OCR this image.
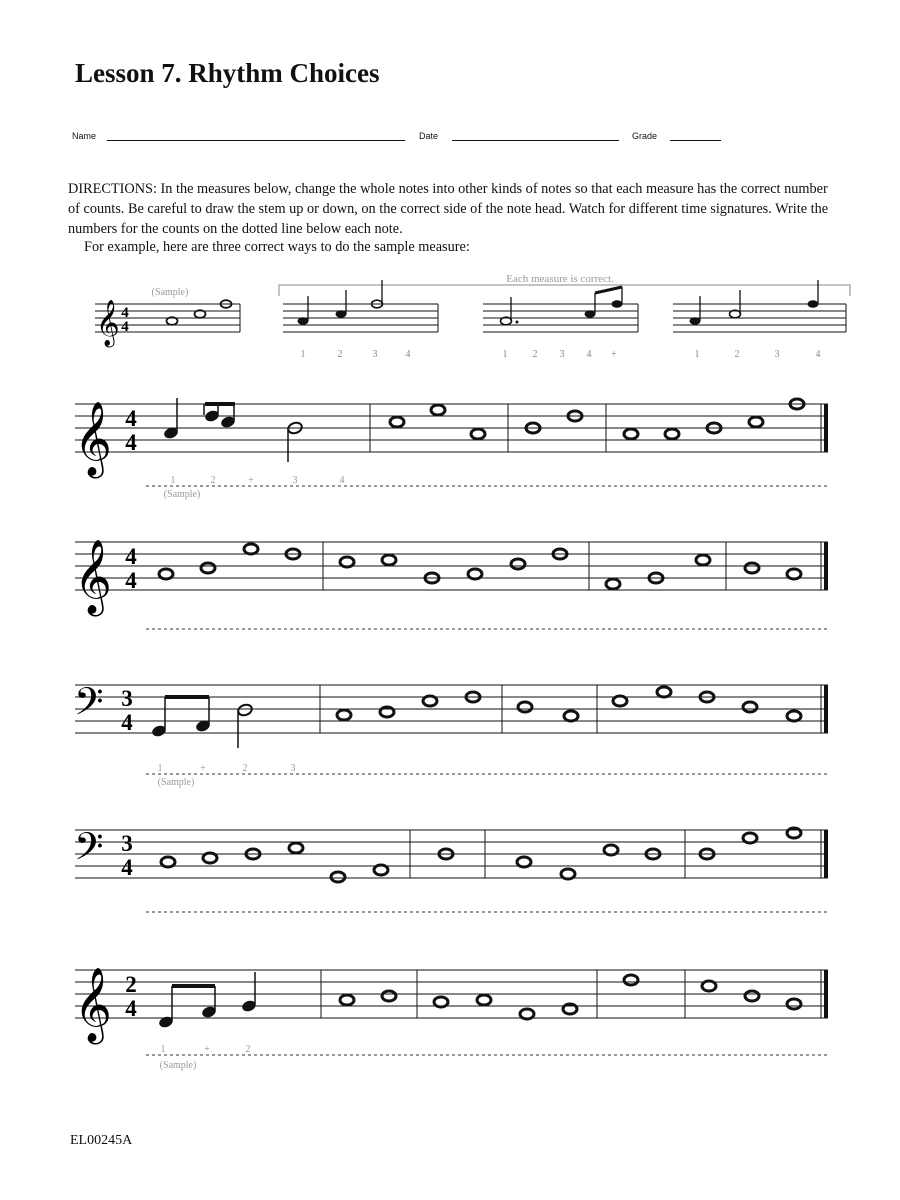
Lesson 7. Rhythm Choices
Name	Date	Grade

DIRECTIONS: In the measures below, change the whole notes into other kinds of notes so that each measure has the correct number of counts. Be careful to draw the stem up or down, on the correct side of the note head. Watch for different time signatures. Write the numbers for the counts on the dotted line below each note.

For example, here are three correct ways to do the sample measure:
𝄞 4
4
(Sample)
Each measure is correct.
1	2	3	4	1	2 3 4 +	1	2	3	4
𝄞 4
4
1	2	+	3	4
(Sample)
𝄞 4
4
𝄢 3
4
1	+	2	3
(Sample)
𝄢 3
4
𝄞 2
4
1	+	2
(Sample)
EL00245A
